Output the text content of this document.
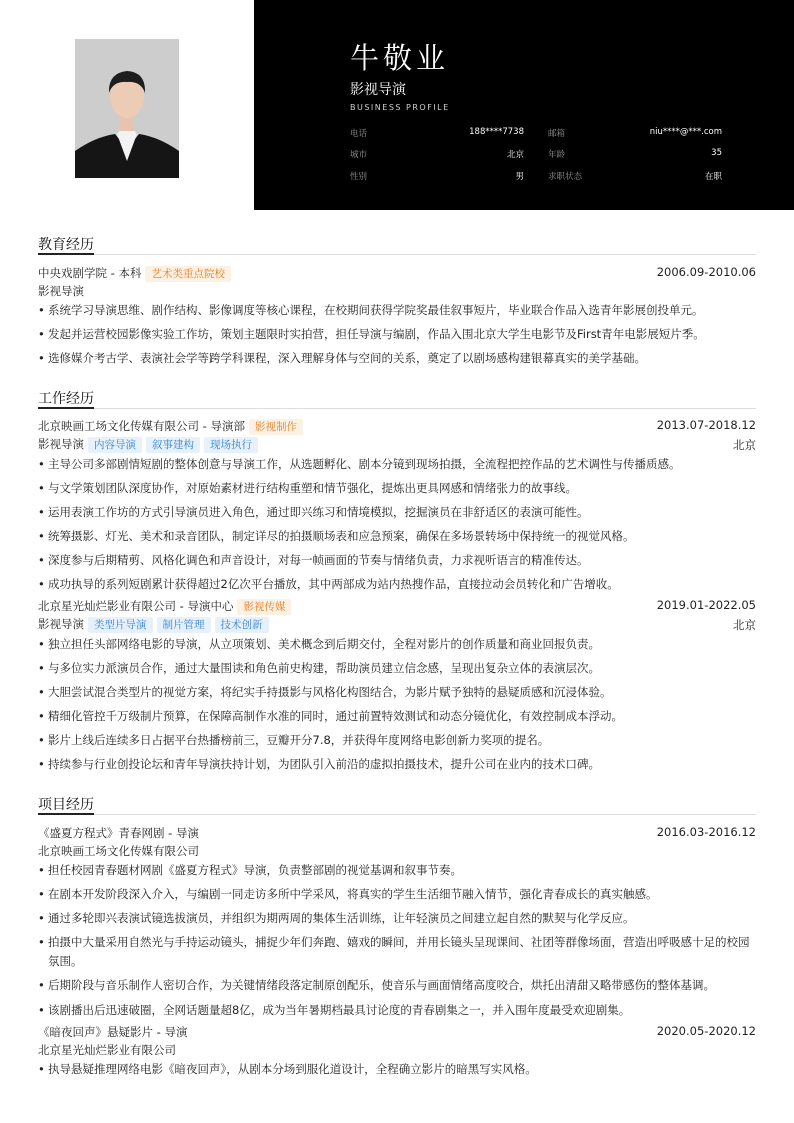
牛敬业
影视导演
BUSINESS PROFILE
电话	188****7738	邮箱	niu****@***.com
城市	北京	年龄	35
性别	男	求职状态	在职
教育经历
中央戏剧学院 - 本科 艺术类重点院校	2006.09-2010.06
影视导演
• 系统学习导演思维、剧作结构、影像调度等核心课程，在校期间获得学院奖最佳叙事短片，毕业联合作品入选青年影展创投单元。
• 发起并运营校园影像实验工作坊，策划主题限时实拍营，担任导演与编剧，作品入围北京大学生电影节及First青年电影展短片季。
• 选修媒介考古学、表演社会学等跨学科课程，深入理解身体与空间的关系，奠定了以剧场感构建银幕真实的美学基础。
工作经历
北京映画工场文化传媒有限公司 - 导演部 影视制作	2013.07-2018.12
影视导演 内容导演 叙事建构 现场执行	北京
• 主导公司多部剧情短剧的整体创意与导演工作，从选题孵化、剧本分镜到现场拍摄，全流程把控作品的艺术调性与传播质感。
• 与文学策划团队深度协作，对原始素材进行结构重塑和情节强化，提炼出更具网感和情绪张力的故事线。
• 运用表演工作坊的方式引导演员进入角色，通过即兴练习和情境模拟，挖掘演员在非舒适区的表演可能性。
• 统筹摄影、灯光、美术和录音团队，制定详尽的拍摄顺场表和应急预案，确保在多场景转场中保持统一的视觉风格。
• 深度参与后期精剪、风格化调色和声音设计，对每一帧画面的节奏与情绪负责，力求视听语言的精准传达。
• 成功执导的系列短剧累计获得超过2亿次平台播放，其中两部成为站内热搜作品，直接拉动会员转化和广告增收。
北京星光灿烂影业有限公司 - 导演中心 影视传媒	2019.01-2022.05
影视导演 类型片导演 制片管理 技术创新	北京
• 独立担任头部网络电影的导演，从立项策划、美术概念到后期交付，全程对影片的创作质量和商业回报负责。
• 与多位实力派演员合作，通过大量围读和角色前史构建，帮助演员建立信念感，呈现出复杂立体的表演层次。
• 大胆尝试混合类型片的视觉方案，将纪实手持摄影与风格化构图结合，为影片赋予独特的悬疑质感和沉浸体验。
• 精细化管控千万级制片预算，在保障高制作水准的同时，通过前置特效测试和动态分镜优化，有效控制成本浮动。
• 影片上线后连续多日占据平台热播榜前三，豆瓣开分7.8，并获得年度网络电影创新力奖项的提名。
• 持续参与行业创投论坛和青年导演扶持计划，为团队引入前沿的虚拟拍摄技术，提升公司在业内的技术口碑。
项目经历
《盛夏方程式》青春网剧 - 导演	2016.03-2016.12
北京映画工场文化传媒有限公司
• 担任校园青春题材网剧《盛夏方程式》导演，负责整部剧的视觉基调和叙事节奏。
• 在剧本开发阶段深入介入，与编剧一同走访多所中学采风，将真实的学生生活细节融入情节，强化青春成长的真实触感。
• 通过多轮即兴表演试镜选拔演员，并组织为期两周的集体生活训练，让年轻演员之间建立起自然的默契与化学反应。
• 拍摄中大量采用自然光与手持运动镜头，捕捉少年们奔跑、嬉戏的瞬间，并用长镜头呈现课间、社团等群像场面，营造出呼吸感十足的校园氛围。
• 后期阶段与音乐制作人密切合作，为关键情绪段落定制原创配乐，使音乐与画面情绪高度咬合，烘托出清甜又略带感伤的整体基调。
• 该剧播出后迅速破圈，全网话题量超8亿，成为当年暑期档最具讨论度的青春剧集之一，并入围年度最受欢迎剧集。
《暗夜回声》悬疑影片 - 导演	2020.05-2020.12
北京星光灿烂影业有限公司
• 执导悬疑推理网络电影《暗夜回声》，从剧本分场到服化道设计，全程确立影片的暗黑写实风格。
